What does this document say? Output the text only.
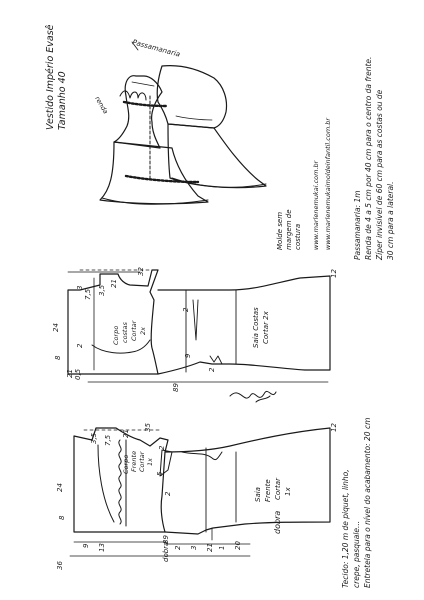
Passamanaria
renda
Vestido Império Evasê Tamanho 40
Molde sem margem de costura www.marlenemukai.com.br www.marlenemukaimoldeinfantil.com.br
Corpo costas Cortar 2x	Saia Costas Cortar 2x
32
21
7,5 3,5
24
2
9
8
21 0,5
89
12
2
3
2
Corpo Frente Cortar 1x
Saia Frente Cortar 1x
dobra
dobra
35
21
7,5
3,5
24
2
8
2
5
9 13	2 3 21 1 20
36
89
12
Tecido: 1,20 m de piquet, linho, crepe, pasquale... Entretela para o nível do acabamento: 20 cm
Passamanaria: 1m Renda de 4 a 5 cm por 40 cm para o centro da frente. Zíper invisível de 60 cm para as costas ou de 30 cm para a lateral.
